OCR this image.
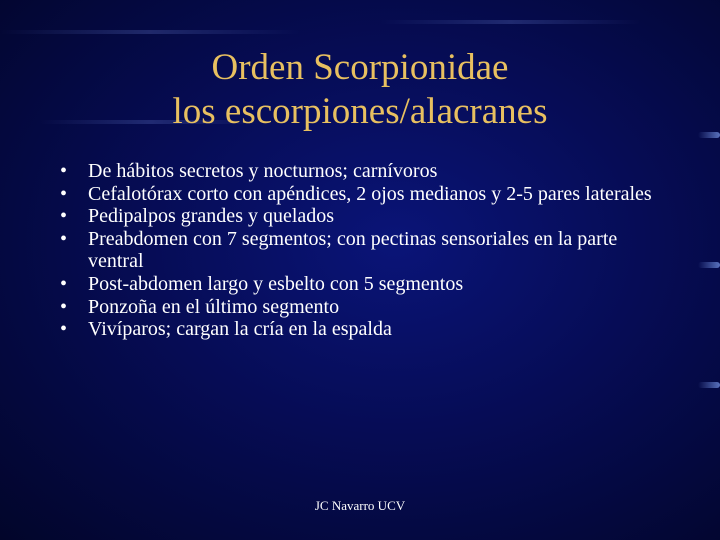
Orden Scorpionidae
los escorpiones/alacranes
• De hábitos secretos y nocturnos; carnívoros
• Cefalotórax corto con apéndices, 2 ojos medianos y 2-5 pares laterales
• Pedipalpos grandes y quelados
• Preabdomen con 7 segmentos; con pectinas sensoriales en la parte ventral
• Post-abdomen largo y esbelto con 5 segmentos
• Ponzoña en el último segmento
• Vivíparos; cargan la cría en la espalda
JC Navarro UCV
